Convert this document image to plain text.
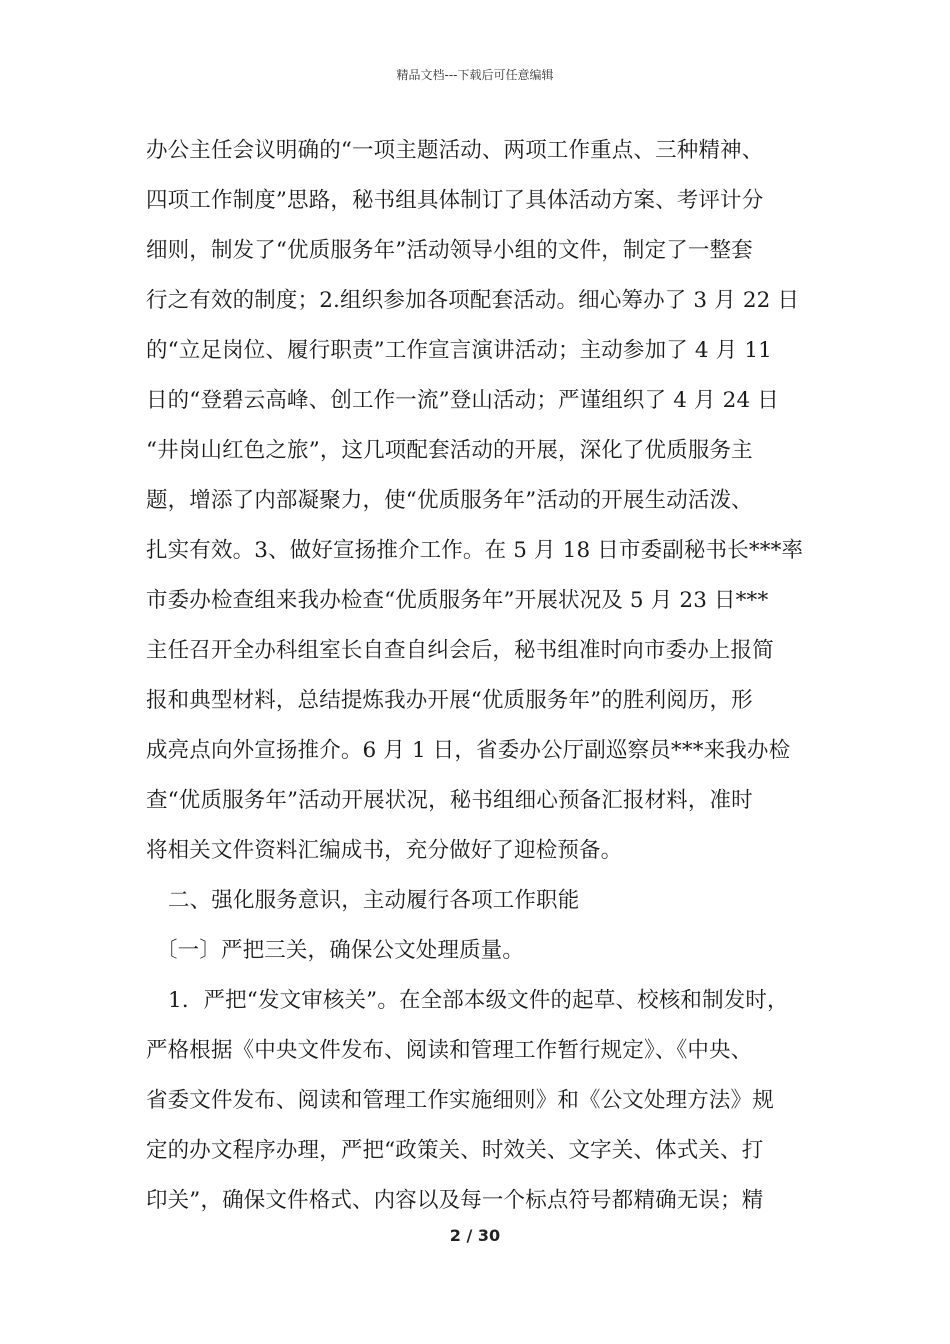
精品文档---下载后可任意编辑
办公主任会议明确的“一项主题活动、两项工作重点、三种精神、
四项工作制度”思路，秘书组具体制订了具体活动方案、考评计分
细则，制发了“优质服务年”活动领导小组的文件，制定了一整套
行之有效的制度；2.组织参加各项配套活动。细心筹办了 3 月 22 日
的“立足岗位、履行职责”工作宣言演讲活动；主动参加了 4 月 11
日的“登碧云高峰、创工作一流”登山活动；严谨组织了 4 月 24 日
“井岗山红色之旅”，这几项配套活动的开展，深化了优质服务主
题，增添了内部凝聚力，使“优质服务年”活动的开展生动活泼、
扎实有效。3、做好宣扬推介工作。在 5 月 18 日市委副秘书长***率
市委办检查组来我办检查“优质服务年”开展状况及 5 月 23 日***
主任召开全办科组室长自查自纠会后，秘书组准时向市委办上报简
报和典型材料，总结提炼我办开展“优质服务年”的胜利阅历，形
成亮点向外宣扬推介。6 月 1 日，省委办公厅副巡察员***来我办检
查“优质服务年”活动开展状况，秘书组细心预备汇报材料，准时
将相关文件资料汇编成书，充分做好了迎检预备。
二、强化服务意识，主动履行各项工作职能
〔一〕严把三关，确保公文处理质量。
1．严把“发文审核关”。在全部本级文件的起草、校核和制发时，
严格根据《中央文件发布、阅读和管理工作暂行规定》、《中央、
省委文件发布、阅读和管理工作实施细则》和《公文处理方法》规
定的办文程序办理，严把“政策关、时效关、文字关、体式关、打
印关”，确保文件格式、内容以及每一个标点符号都精确无误；精
2 / 30
